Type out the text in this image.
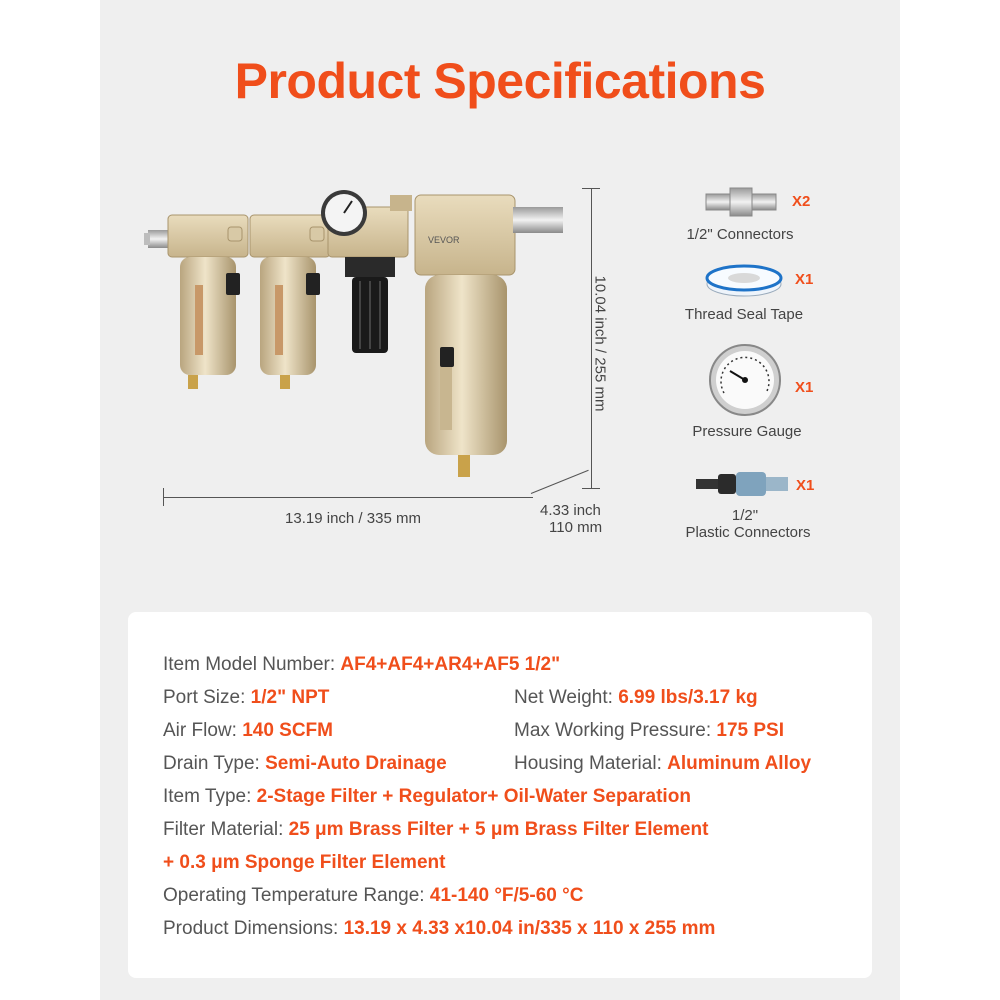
Product Specifications
VEVOR
10.04 inch / 255 mm
13.19 inch / 335 mm	4.33 inch
110 mm
X2
1/2" Connectors
X1
Thread Seal Tape
X1
Pressure Gauge
X1
1/2"
Plastic Connectors
Item Model Number: AF4+AF4+AR4+AF5 1/2"
Port Size: 1/2" NPT	Net Weight: 6.99 lbs/3.17 kg
Air Flow: 140 SCFM	Max Working Pressure: 175 PSI
Drain Type: Semi-Auto Drainage	Housing Material: Aluminum Alloy
Item Type: 2-Stage Filter + Regulator+ Oil-Water Separation
Filter Material: 25 μm Brass Filter + 5 μm Brass Filter Element
+ 0.3 μm Sponge Filter Element
Operating Temperature Range: 41-140 °F/5-60 °C
Product Dimensions: 13.19 x 4.33 x10.04 in/335 x 110 x 255 mm
